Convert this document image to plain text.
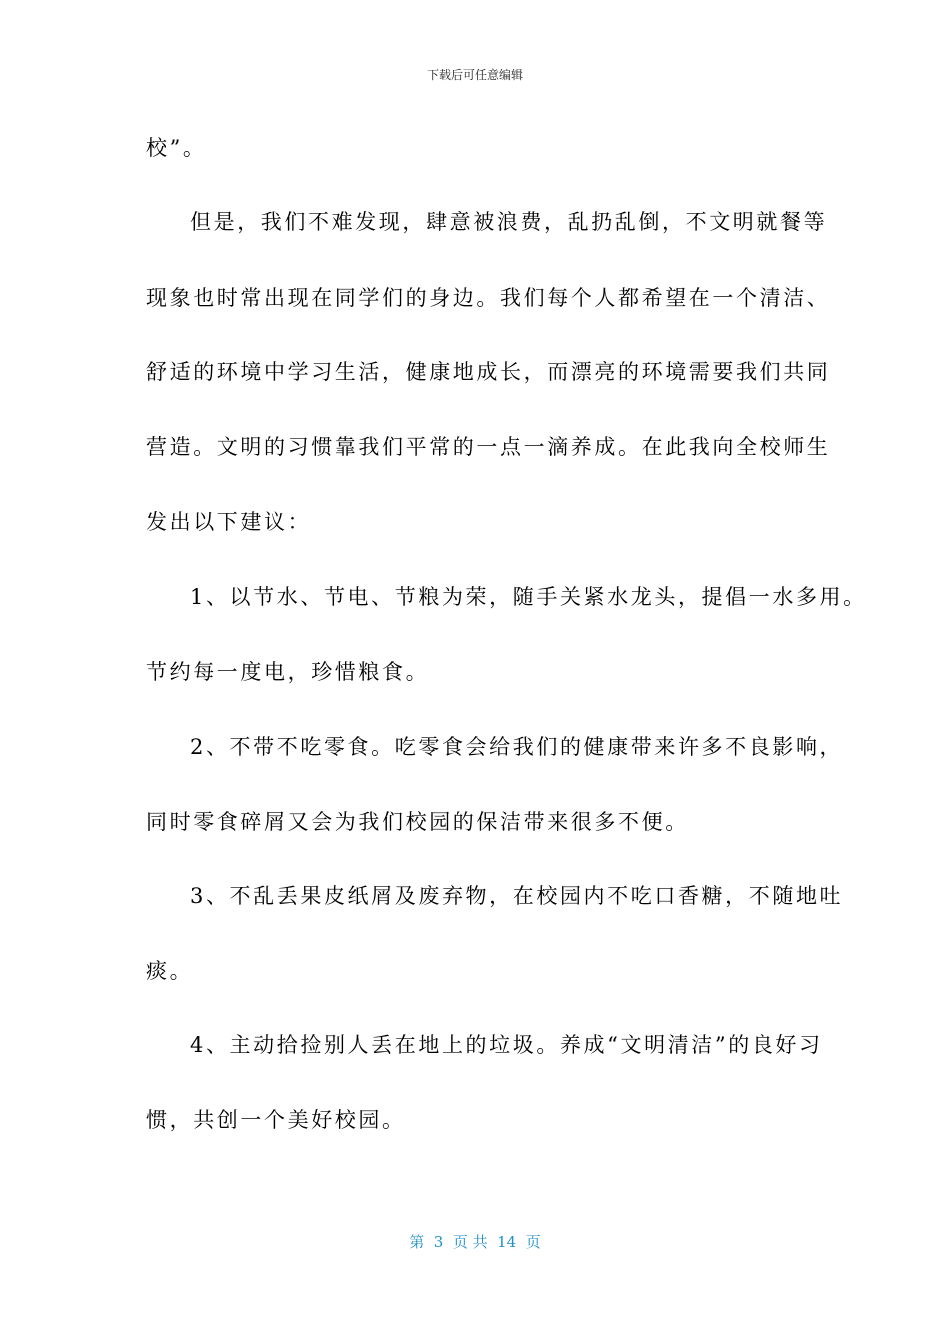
下载后可任意编辑
校”。
但是，我们不难发现，肆意被浪费，乱扔乱倒，不文明就餐等
现象也时常出现在同学们的身边。我们每个人都希望在一个清洁、
舒适的环境中学习生活，健康地成长，而漂亮的环境需要我们共同
营造。文明的习惯靠我们平常的一点一滴养成。在此我向全校师生
发出以下建议：
1、以节水、节电、节粮为荣，随手关紧水龙头，提倡一水多用。
节约每一度电，珍惜粮食。
2、不带不吃零食。吃零食会给我们的健康带来许多不良影响，
同时零食碎屑又会为我们校园的保洁带来很多不便。
3、不乱丢果皮纸屑及废弃物，在校园内不吃口香糖，不随地吐
痰。
4、主动拾捡别人丢在地上的垃圾。养成“文明清洁”的良好习
惯，共创一个美好校园。
第  3  页 共  14  页
